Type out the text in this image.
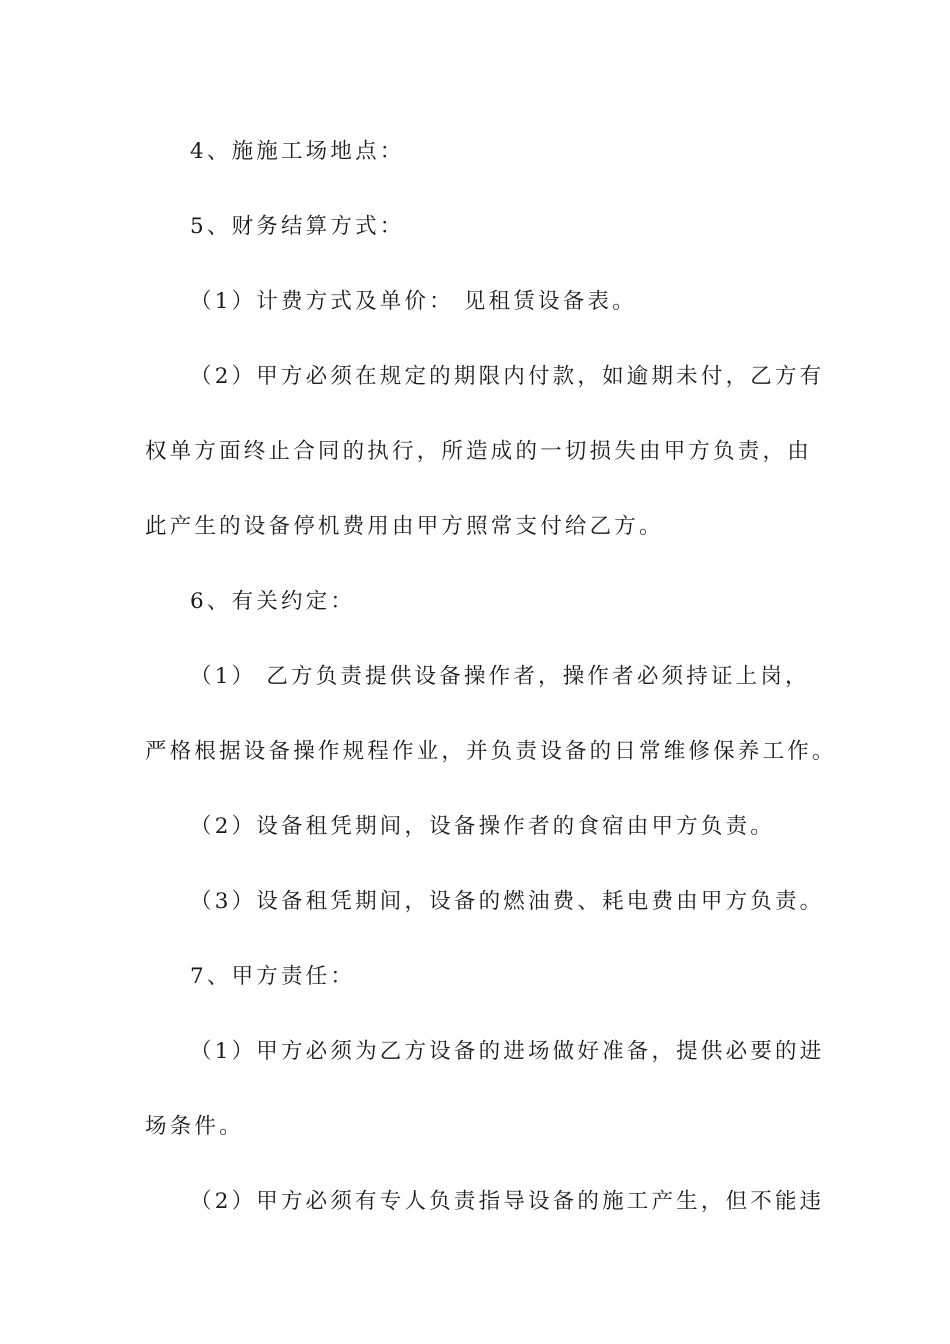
4、施施工场地点：
5、财务结算方式：
（1）计费方式及单价： 见租赁设备表。
（2）甲方必须在规定的期限内付款，如逾期未付，乙方有
权单方面终止合同的执行，所造成的一切损失由甲方负责，由
此产生的设备停机费用由甲方照常支付给乙方。
6、有关约定：
（1） 乙方负责提供设备操作者，操作者必须持证上岗，
严格根据设备操作规程作业，并负责设备的日常维修保养工作。
（2）设备租凭期间，设备操作者的食宿由甲方负责。
（3）设备租凭期间，设备的燃油费、耗电费由甲方负责。
7、甲方责任：
（1）甲方必须为乙方设备的进场做好准备，提供必要的进
场条件。
（2）甲方必须有专人负责指导设备的施工产生，但不能违
